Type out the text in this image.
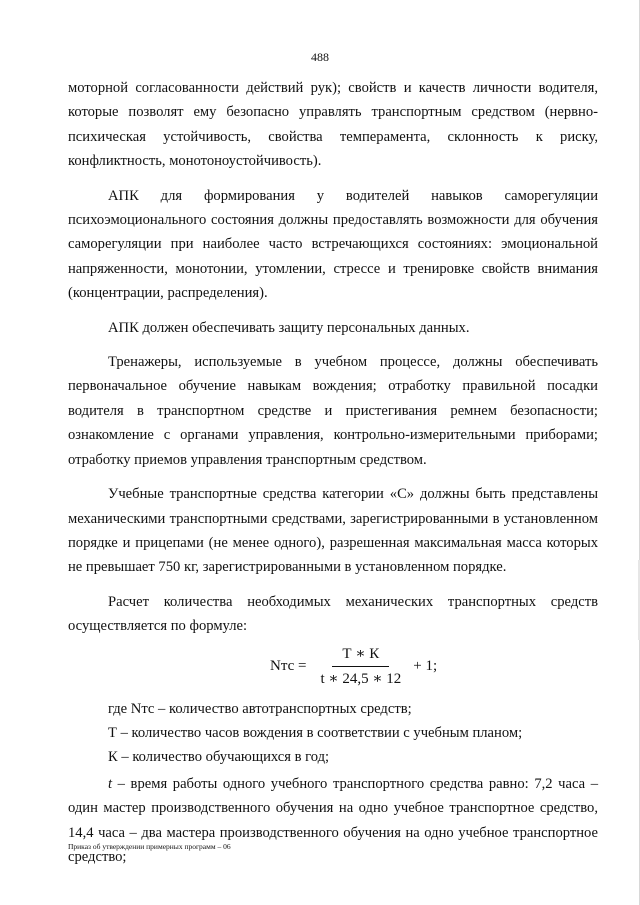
488

моторной согласованности действий рук); свойств и качеств личности водителя, которые позволят ему безопасно управлять транспортным средством (нервно-психическая устойчивость, свойства темперамента, склонность к риску, конфликтность, монотоноустойчивость).

АПК для формирования у водителей навыков саморегуляции психоэмоционального состояния должны предоставлять возможности для обучения саморегуляции при наиболее часто встречающихся состояниях: эмоциональной напряженности, монотонии, утомлении, стрессе и тренировке свойств внимания (концентрации, распределения).

АПК должен обеспечивать защиту персональных данных.

Тренажеры, используемые в учебном процессе, должны обеспечивать первоначальное обучение навыкам вождения; отработку правильной посадки водителя в транспортном средстве и пристегивания ремнем безопасности; ознакомление с органами управления, контрольно-измерительными приборами; отработку приемов управления транспортным средством.

Учебные транспортные средства категории «С» должны быть представлены механическими транспортными средствами, зарегистрированными в установленном порядке и прицепами (не менее одного), разрешенная максимальная масса которых не превышает 750 кг, зарегистрированными в установленном порядке.

Расчет количества необходимых механических транспортных средств осуществляется по формуле:

Nтс = $\frac{Т ∗ К}{t ∗ 24,5 ∗ 12} + 1$;

где Nтс – количество автотранспортных средств;

Т – количество часов вождения в соответствии с учебным планом;

К – количество обучающихся в год;

t – время работы одного учебного транспортного средства равно: 7,2 часа – один мастер производственного обучения на одно учебное транспортное средство, 14,4 часа – два мастера производственного обучения на одно учебное транспортное средство;

Приказ об утверждении примерных программ – 06
